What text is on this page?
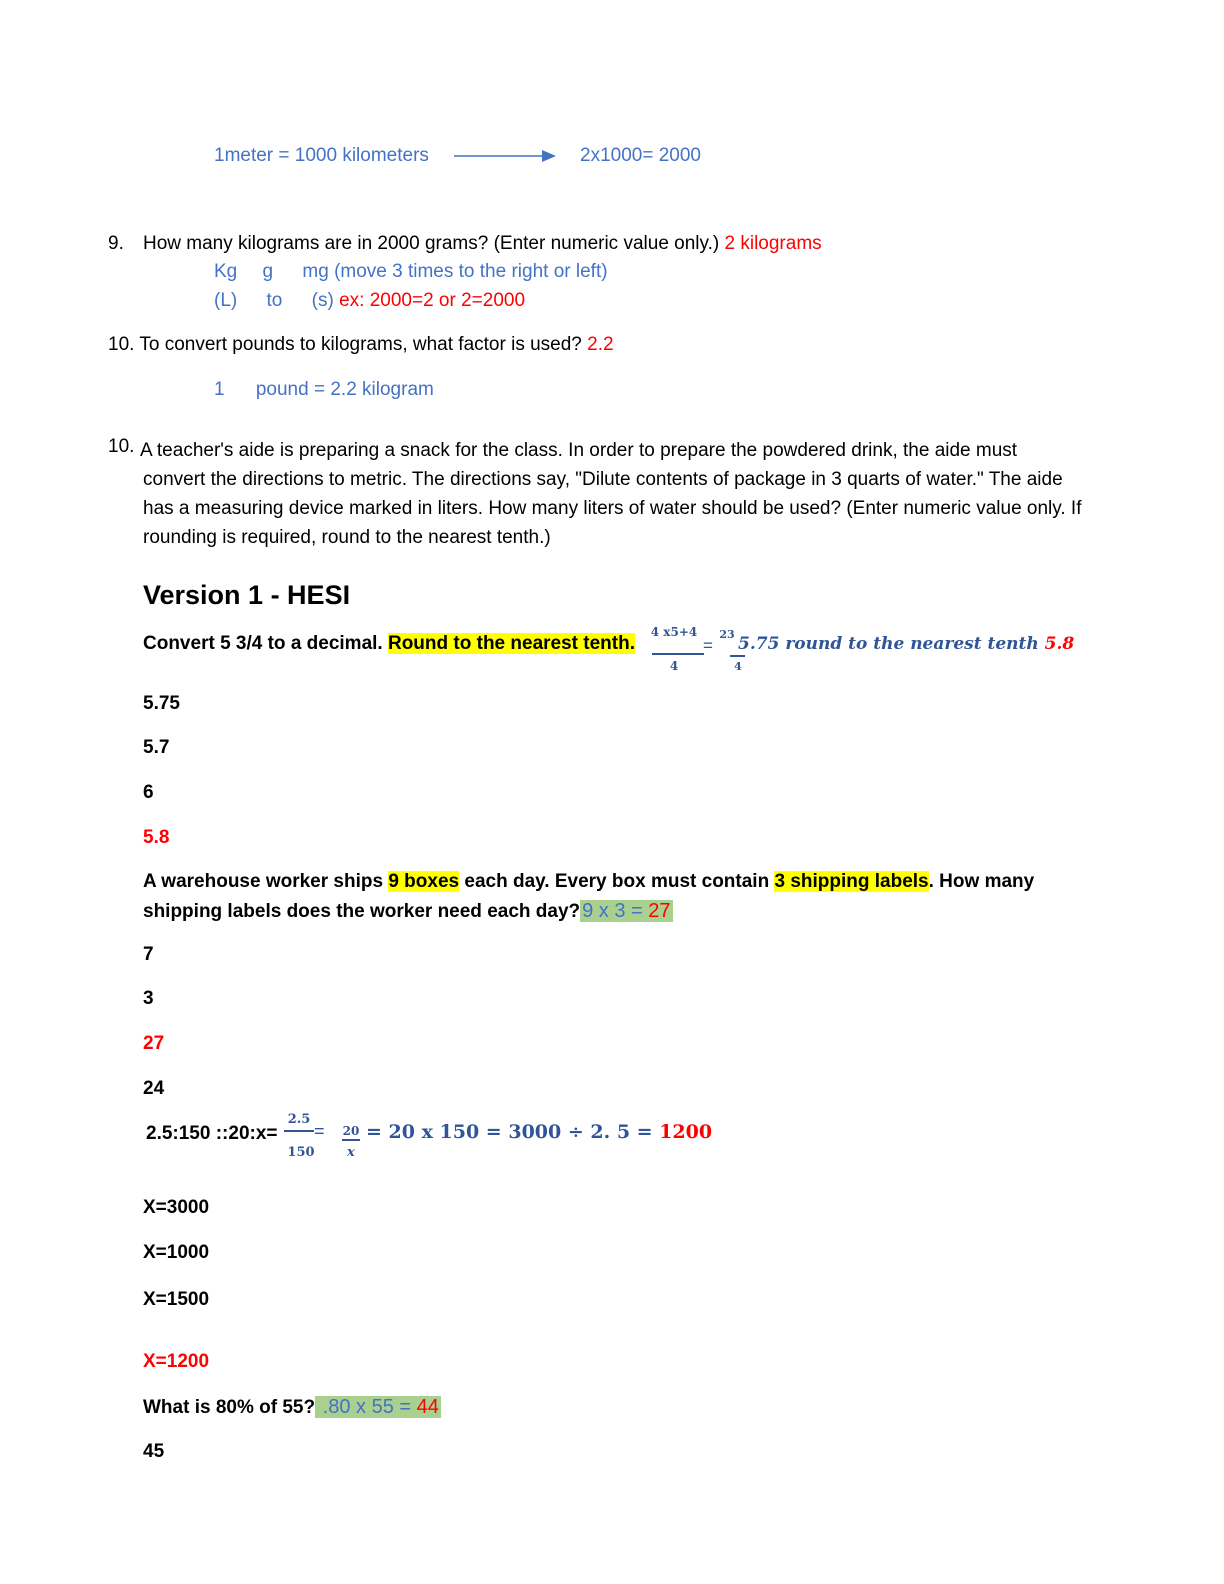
1meter = 1000 kilometers	2x1000= 2000
9. How many kilograms are in 2000 grams? (Enter numeric value only.) 2 kilograms
Kg g mg (move 3 times to the right or left)
(L) to (s) ex: 2000=2 or 2=2000
10. To convert pounds to kilograms, what factor is used? 2.2
1 pound = 2.2 kilogram
10. A teacher's aide is preparing a snack for the class. In order to prepare the powdered drink, the aide must convert the directions to metric. The directions say, "Dilute contents of package in 3 quarts of water." The aide has a measuring device marked in liters. How many liters of water should be used? (Enter numeric value only. If rounding is required, round to the nearest tenth.)
Version 1 - HESI
Convert 5 3/4 to a decimal. Round to the nearest tenth.
4 x5+4
4
=
23
4
5.75 round to the nearest tenth 5.8
5.75
5.7
6
5.8
A warehouse worker ships 9 boxes each day. Every box must contain 3 shipping labels. How many
shipping labels does the worker need each day? 9 x 3 = 27
7
3
27
24
2.5:150 ::20:x=
2.5
150
= 20
x
= 20 x 150 = 3000 ÷ 2. 5 = 1200
X=3000
X=1000
X=1500
X=1200
What is 80% of 55? .80 x 55 = 44
45
